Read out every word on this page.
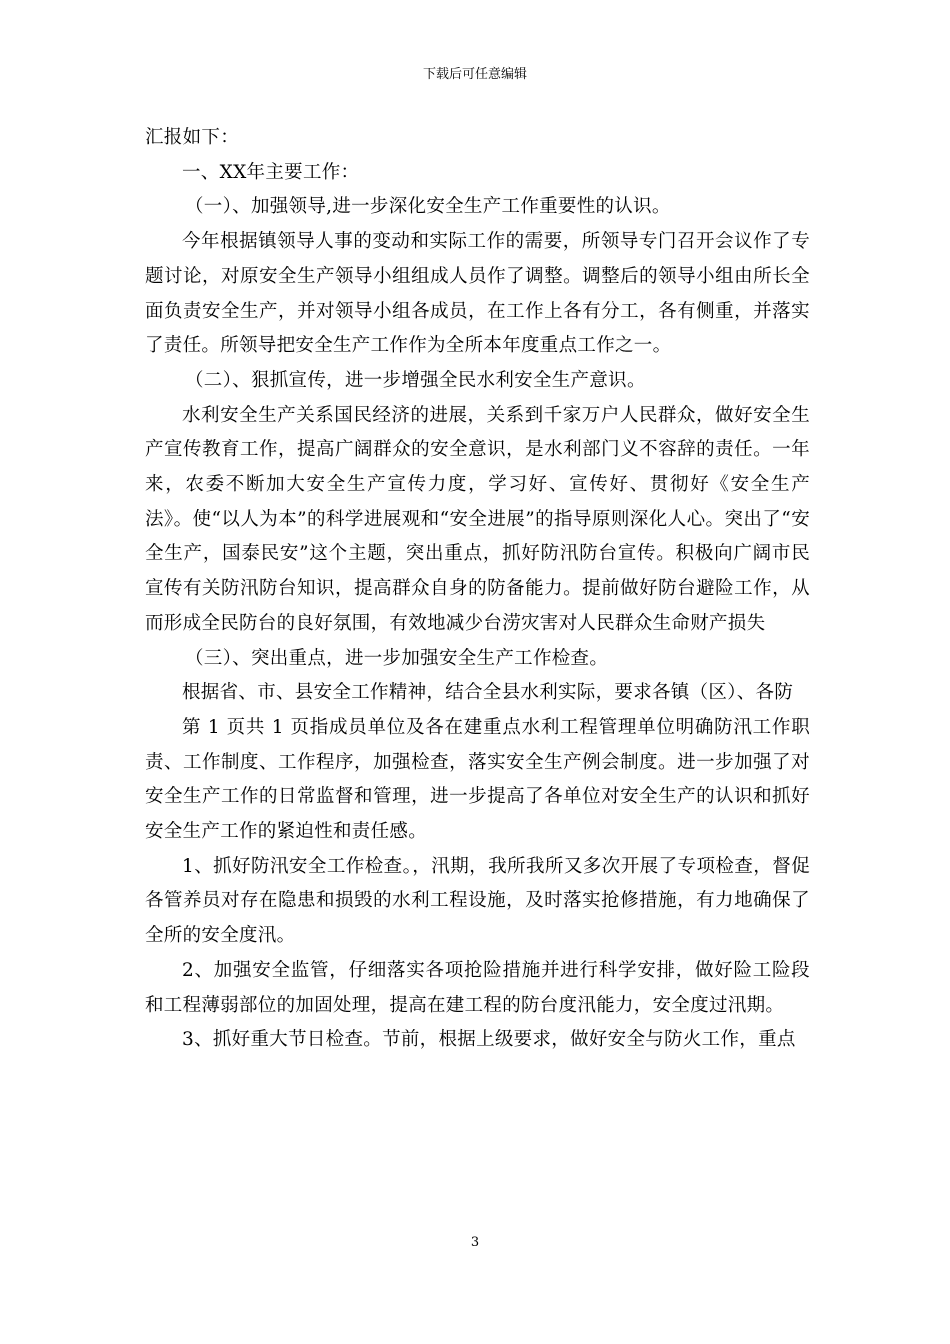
下载后可任意编辑

汇报如下：

一、XX年主要工作：

（一）、加强领导,进一步深化安全生产工作重要性的认识。

今年根据镇领导人事的变动和实际工作的需要，所领导专门召开会议作了专题讨论，对原安全生产领导小组组成人员作了调整。调整后的领导小组由所长全面负责安全生产，并对领导小组各成员，在工作上各有分工，各有侧重，并落实了责任。所领导把安全生产工作作为全所本年度重点工作之一。

（二）、狠抓宣传，进一步增强全民水利安全生产意识。

水利安全生产关系国民经济的进展，关系到千家万户人民群众，做好安全生产宣传教育工作，提高广阔群众的安全意识，是水利部门义不容辞的责任。一年来，农委不断加大安全生产宣传力度，学习好、宣传好、贯彻好《安全生产法》。使“以人为本”的科学进展观和“安全进展”的指导原则深化人心。突出了“安全生产，国泰民安”这个主题，突出重点，抓好防汛防台宣传。积极向广阔市民宣传有关防汛防台知识，提高群众自身的防备能力。提前做好防台避险工作，从而形成全民防台的良好氛围，有效地减少台涝灾害对人民群众生命财产损失

（三）、突出重点，进一步加强安全生产工作检查。

根据省、市、县安全工作精神，结合全县水利实际，要求各镇（区）、各防

第 1 页共 1 页指成员单位及各在建重点水利工程管理单位明确防汛工作职责、工作制度、工作程序，加强检查，落实安全生产例会制度。进一步加强了对安全生产工作的日常监督和管理，进一步提高了各单位对安全生产的认识和抓好安全生产工作的紧迫性和责任感。

1、抓好防汛安全工作检查。，汛期，我所我所又多次开展了专项检查，督促各管养员对存在隐患和损毁的水利工程设施，及时落实抢修措施，有力地确保了全所的安全度汛。

2、加强安全监管，仔细落实各项抢险措施并进行科学安排，做好险工险段和工程薄弱部位的加固处理，提高在建工程的防台度汛能力，安全度过汛期。

3、抓好重大节日检查。节前，根据上级要求，做好安全与防火工作，重点

3
